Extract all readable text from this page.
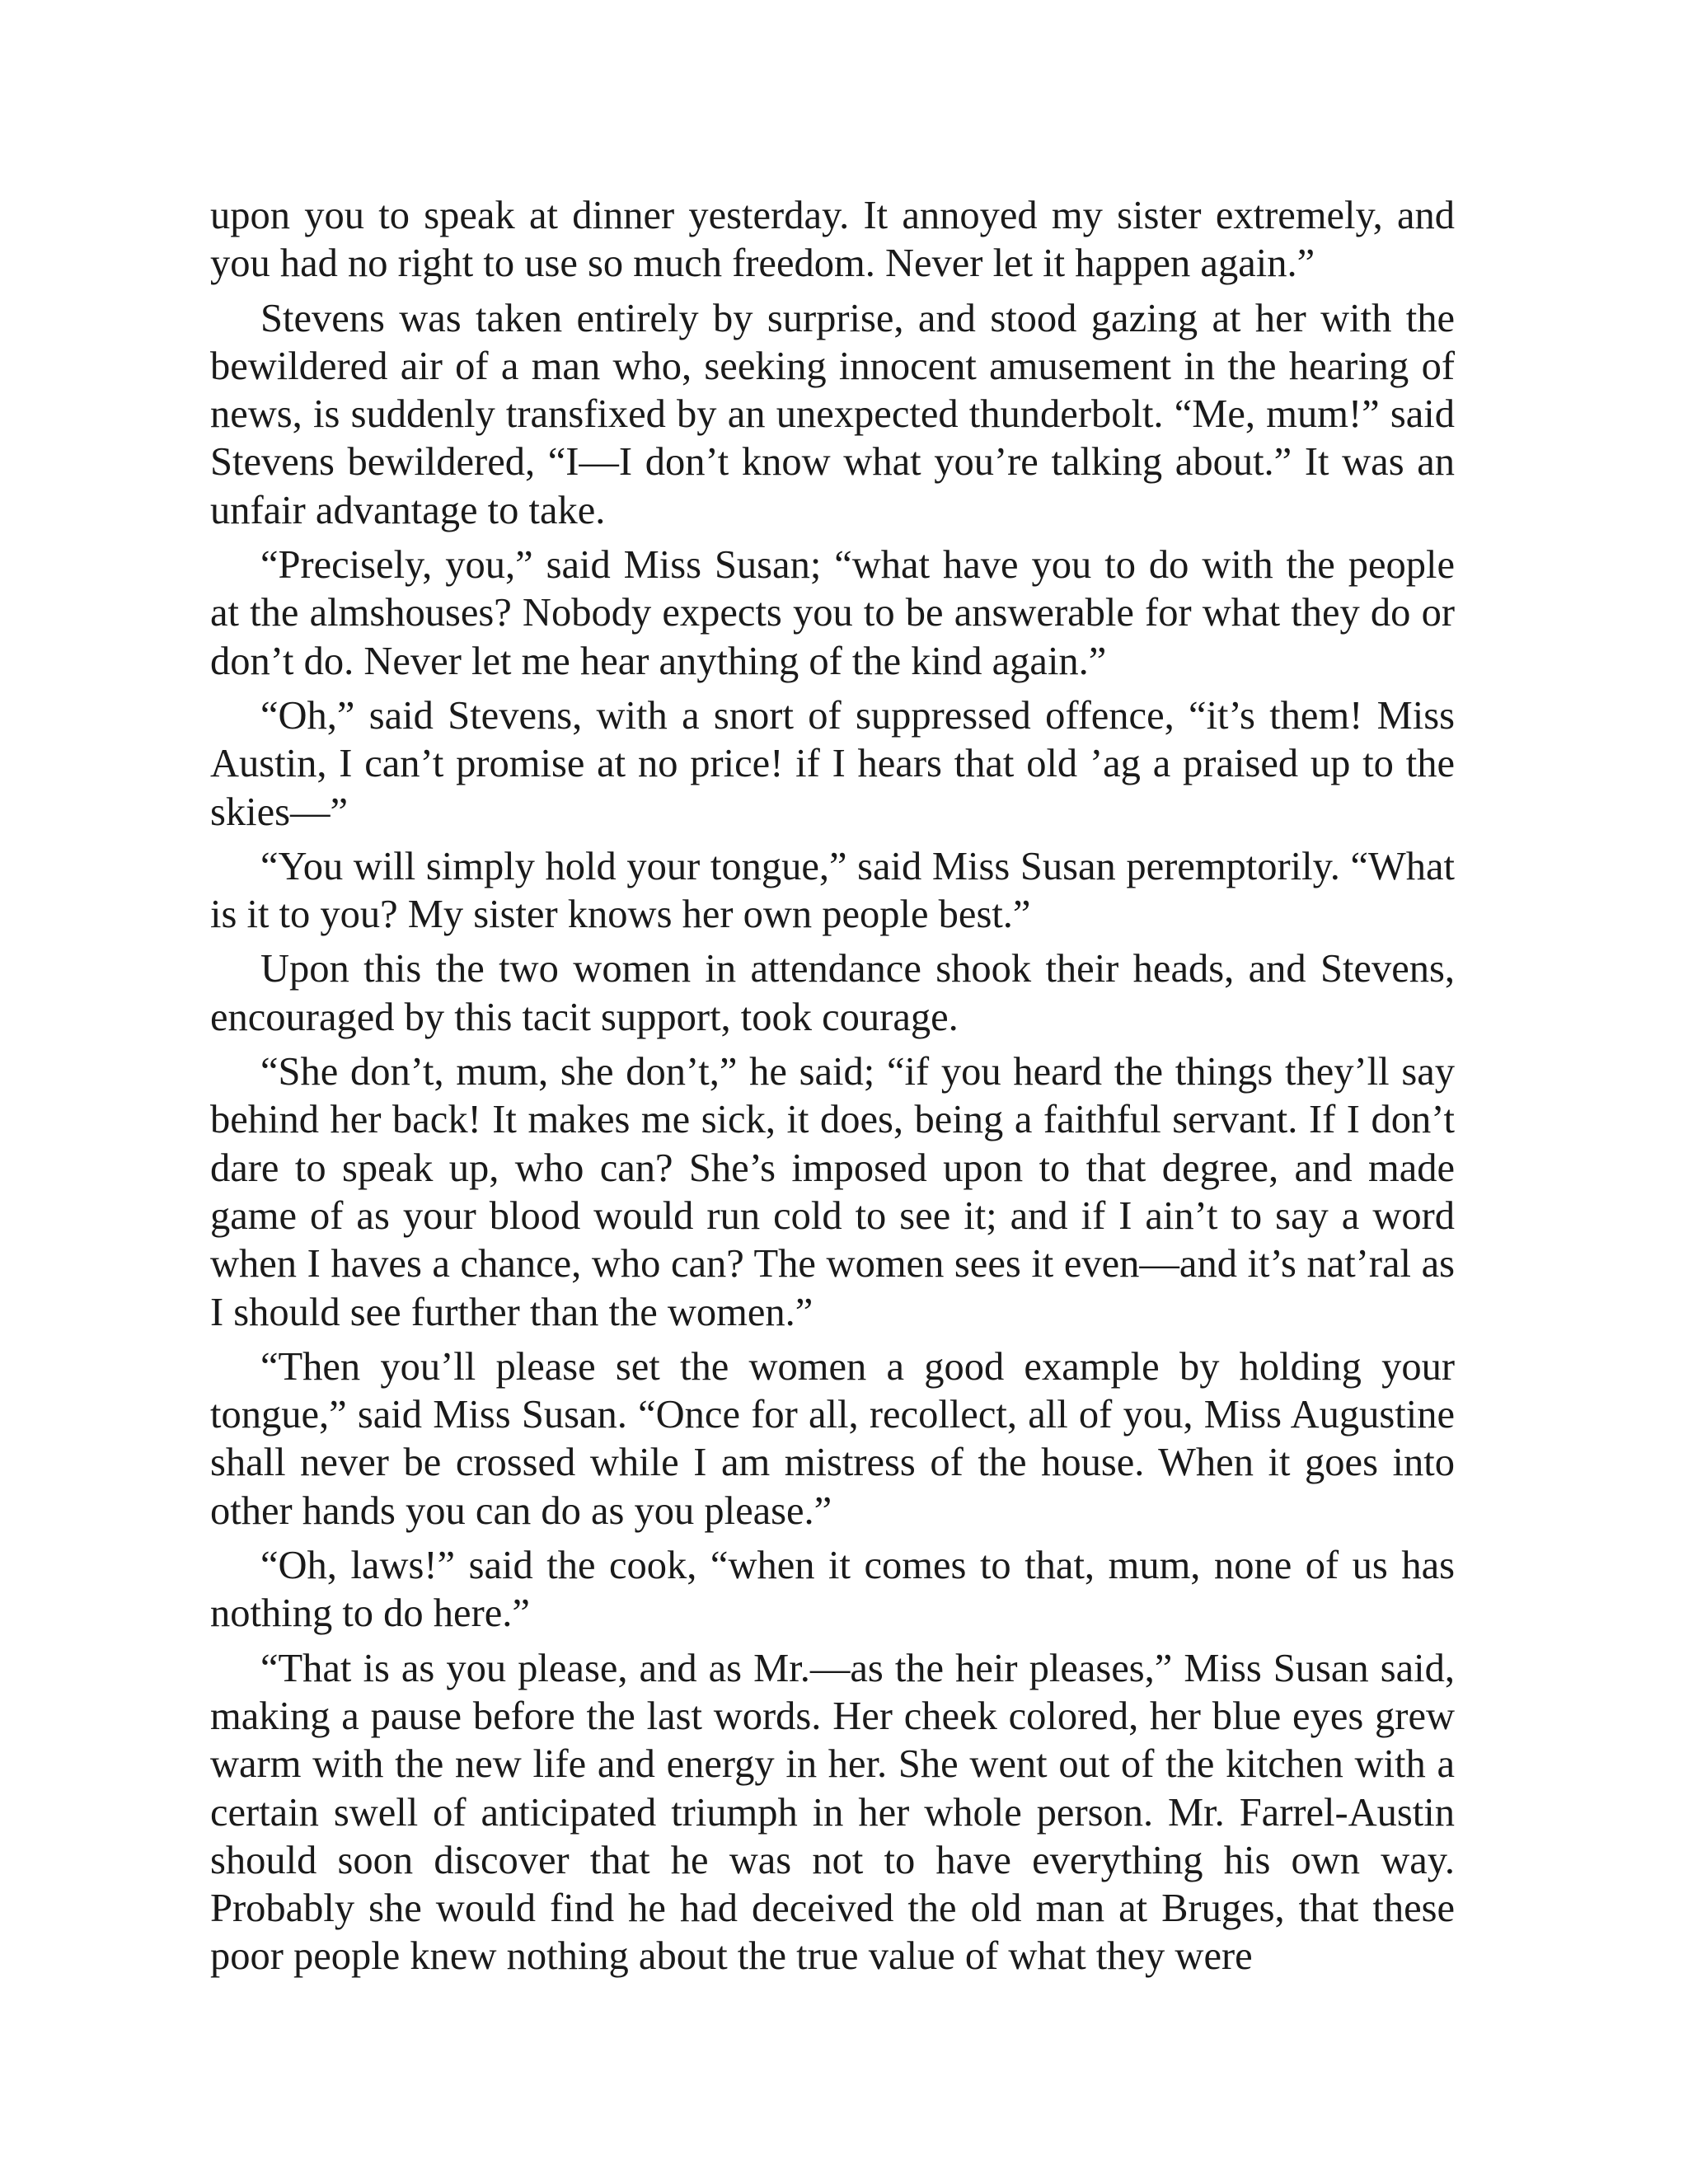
upon you to speak at dinner yesterday. It annoyed my sister extremely, and you had no right to use so much freedom. Never let it happen again.”

Stevens was taken entirely by surprise, and stood gazing at her with the bewildered air of a man who, seeking innocent amusement in the hearing of news, is suddenly transfixed by an unexpected thunderbolt. “Me, mum!” said Stevens bewildered, “I—I don’t know what you’re talking about.” It was an unfair advantage to take.

“Precisely, you,” said Miss Susan; “what have you to do with the people at the almshouses? Nobody expects you to be answerable for what they do or don’t do. Never let me hear anything of the kind again.”

“Oh,” said Stevens, with a snort of suppressed offence, “it’s them! Miss Austin, I can’t promise at no price! if I hears that old ’ag a praised up to the skies—”

“You will simply hold your tongue,” said Miss Susan peremptorily. “What is it to you? My sister knows her own people best.”

Upon this the two women in attendance shook their heads, and Stevens, encouraged by this tacit support, took courage.

“She don’t, mum, she don’t,” he said; “if you heard the things they’ll say behind her back! It makes me sick, it does, being a faithful servant. If I don’t dare to speak up, who can? She’s imposed upon to that degree, and made game of as your blood would run cold to see it; and if I ain’t to say a word when I haves a chance, who can? The women sees it even—and it’s nat’ral as I should see further than the women.”

“Then you’ll please set the women a good example by holding your tongue,” said Miss Susan. “Once for all, recollect, all of you, Miss Augustine shall never be crossed while I am mistress of the house. When it goes into other hands you can do as you please.”

“Oh, laws!” said the cook, “when it comes to that, mum, none of us has nothing to do here.”

“That is as you please, and as Mr.—as the heir pleases,” Miss Susan said, making a pause before the last words. Her cheek colored, her blue eyes grew warm with the new life and energy in her. She went out of the kitchen with a certain swell of anticipated triumph in her whole person. Mr. Farrel-Austin should soon discover that he was not to have everything his own way. Probably she would find he had deceived the old man at Bruges, that these poor people knew nothing about the true value of what they were
